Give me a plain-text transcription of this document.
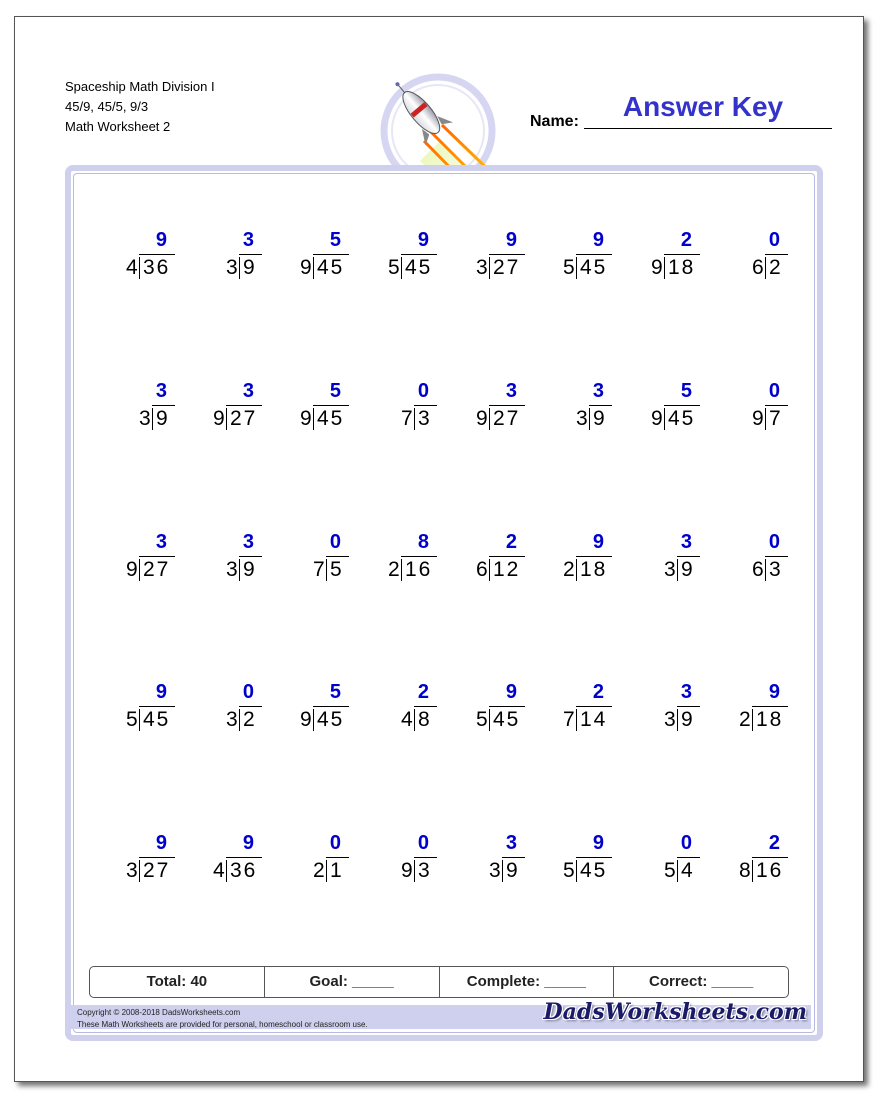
Spaceship Math Division I
45/9, 45/5, 9/3
Math Worksheet 2	Name:	Answer Key
9
4 36
3
3 9
5
9 45
9
5 45
9
3 27
9
5 45
2
9 18
0
6 2
3
3 9
3
9 27
5
9 45
0
7 3
3
9 27
3
3 9
5
9 45
0
9 7
3
9 27
3
3 9
0
7 5
8
2 16
2
6 12
9
2 18
3
3 9
0
6 3
9
5 45
0
3 2
5
9 45
2
4 8
9
5 45
2
7 14
3
3 9
9
2 18
9
3 27
9
4 36
0
2 1
0
9 3
3
3 9
9
5 45
0
5 4
2
8 16
Total: 40	Goal: _____	Complete: _____	Correct: _____
Copyright © 2008-2018 DadsWorksheets.com
These Math Worksheets are provided for personal, homeschool or classroom use.	DadsWorksheets.com
